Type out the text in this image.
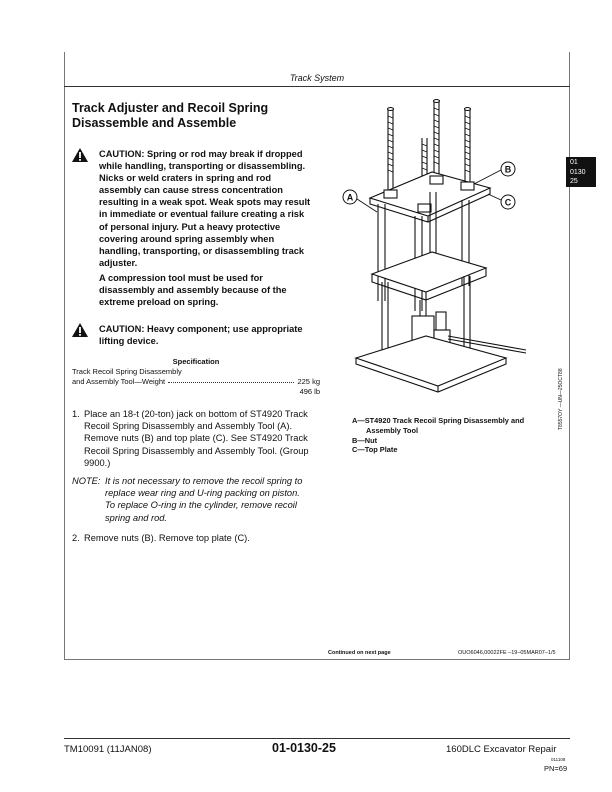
Track System
Track Adjuster and Recoil Spring
Disassemble and Assemble
CAUTION: Spring or rod may break if dropped
while handling, transporting or disassembling.
Nicks or weld craters in spring and rod
assembly can cause stress concentration
resulting in a weak spot. Weak spots may result
in immediate or eventual failure creating a risk
of personal injury. Put a heavy protective
covering around spring assembly when
handling, transporting, or disassembling track
adjuster.
A compression tool must be used for
disassembly and assembly because of the
extreme preload on spring.
CAUTION: Heavy component; use appropriate
lifting device.
Specification
Track Recoil Spring Disassembly
and Assembly Tool—Weight	225 kg
496 lb
1. Place an 18-t (20-ton) jack on bottom of ST4920 Track
Recoil Spring Disassembly and Assembly Tool (A).
Remove nuts (B) and top plate (C). See ST4920 Track
Recoil Spring Disassembly and Assembly Tool. (Group
9900.)
NOTE: It is not necessary to remove the recoil spring to
replace wear ring and U-ring packing on piston.
To replace O-ring in the cylinder, remove recoil
spring and rod.
2. Remove nuts (B). Remove top plate (C).
A
B
C
T8557OY —UN—25OCT88
A—ST4920 Track Recoil Spring Disassembly and
Assembly Tool
B—Nut
C—Top Plate
01
0130
25
Continued on next page	OUO6046,00022FE –19–05MAR07–1/5
TM10091 (11JAN08)	01-0130-25	160DLC Excavator Repair
011108
PN=69
